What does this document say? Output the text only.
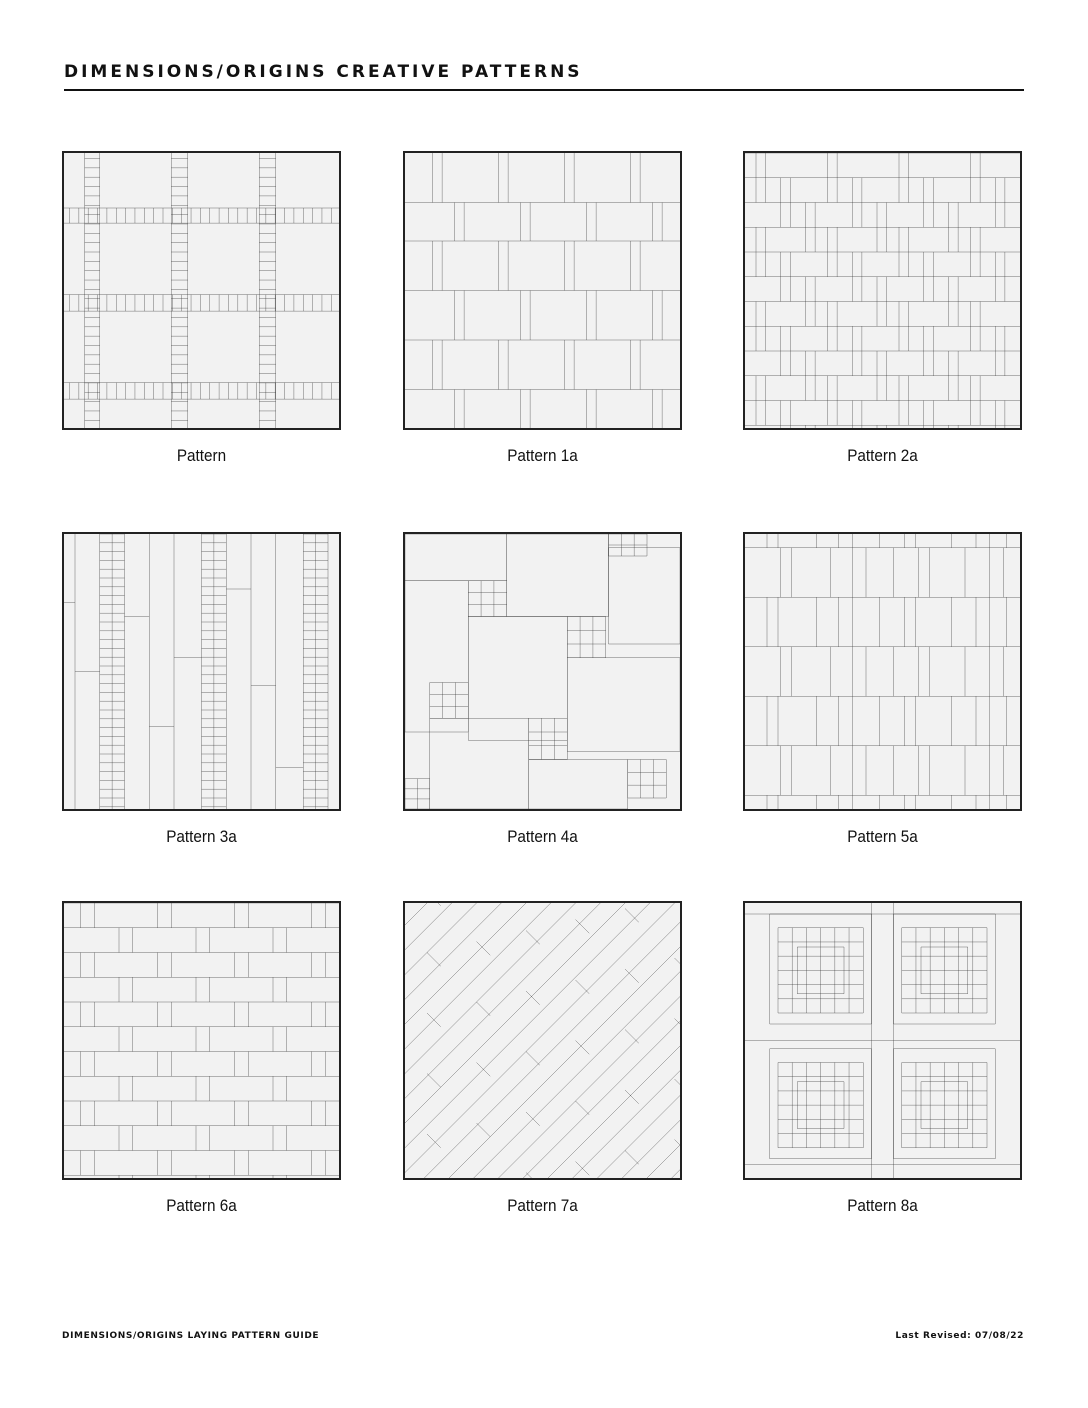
DIMENSIONS/ORIGINS CREATIVE PATTERNS
Pattern	Pattern 1a	Pattern 2a
Pattern 3a	Pattern 4a	Pattern 5a
Pattern 6a	Pattern 7a	Pattern 8a
DIMENSIONS/ORIGINS LAYING PATTERN GUIDE	Last Revised: 07/08/22
